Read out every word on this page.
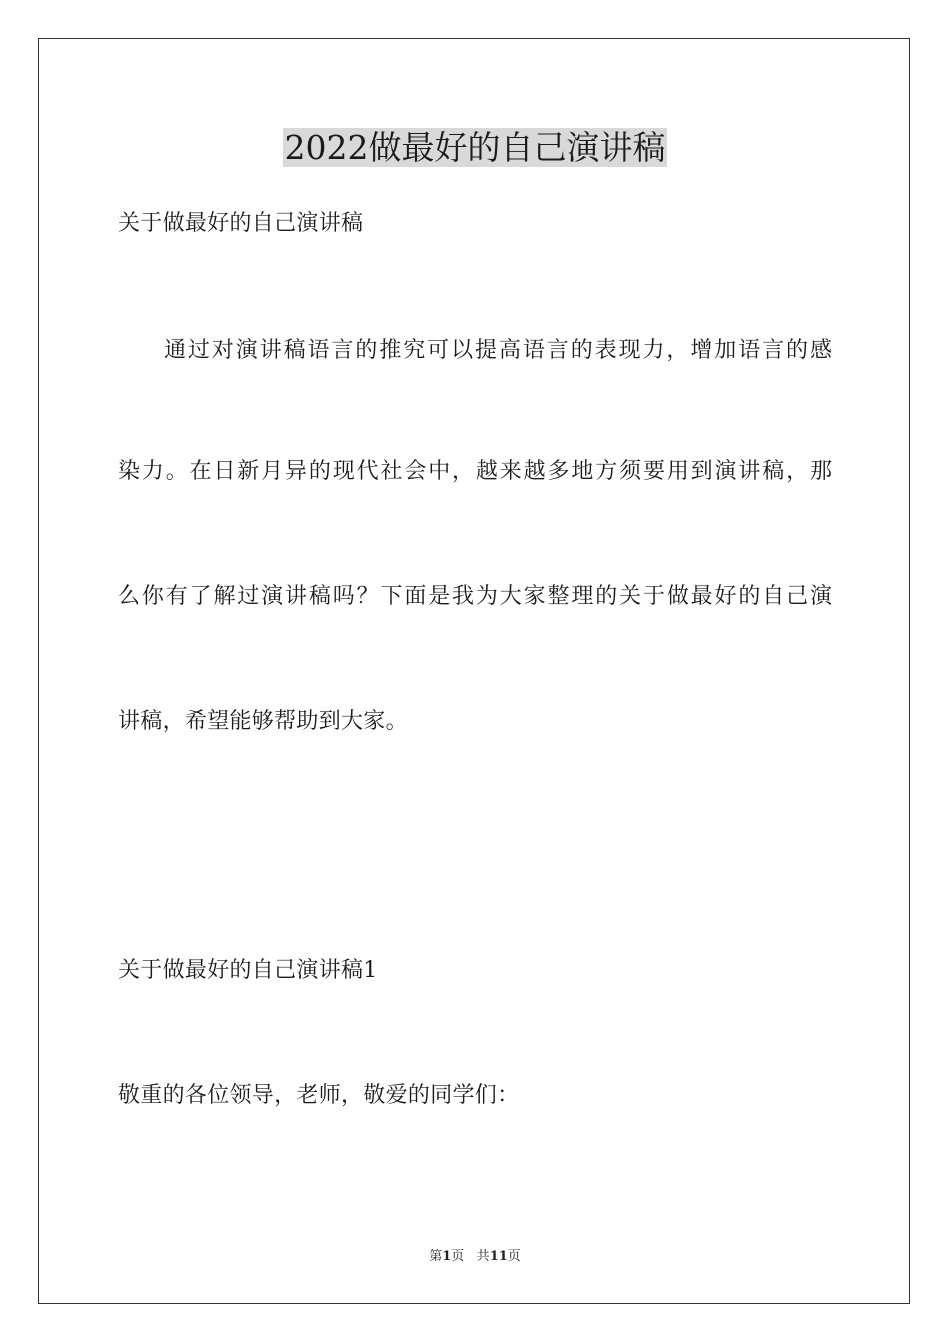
2022做最好的自己演讲稿
关于做最好的自己演讲稿
通过对演讲稿语言的推究可以提高语言的表现力，增加语言的感
染力。在日新月异的现代社会中，越来越多地方须要用到演讲稿，那
么你有了解过演讲稿吗？下面是我为大家整理的关于做最好的自己演
讲稿，希望能够帮助到大家。
关于做最好的自己演讲稿1
敬重的各位领导，老师，敬爱的同学们：
第1页 共11页
